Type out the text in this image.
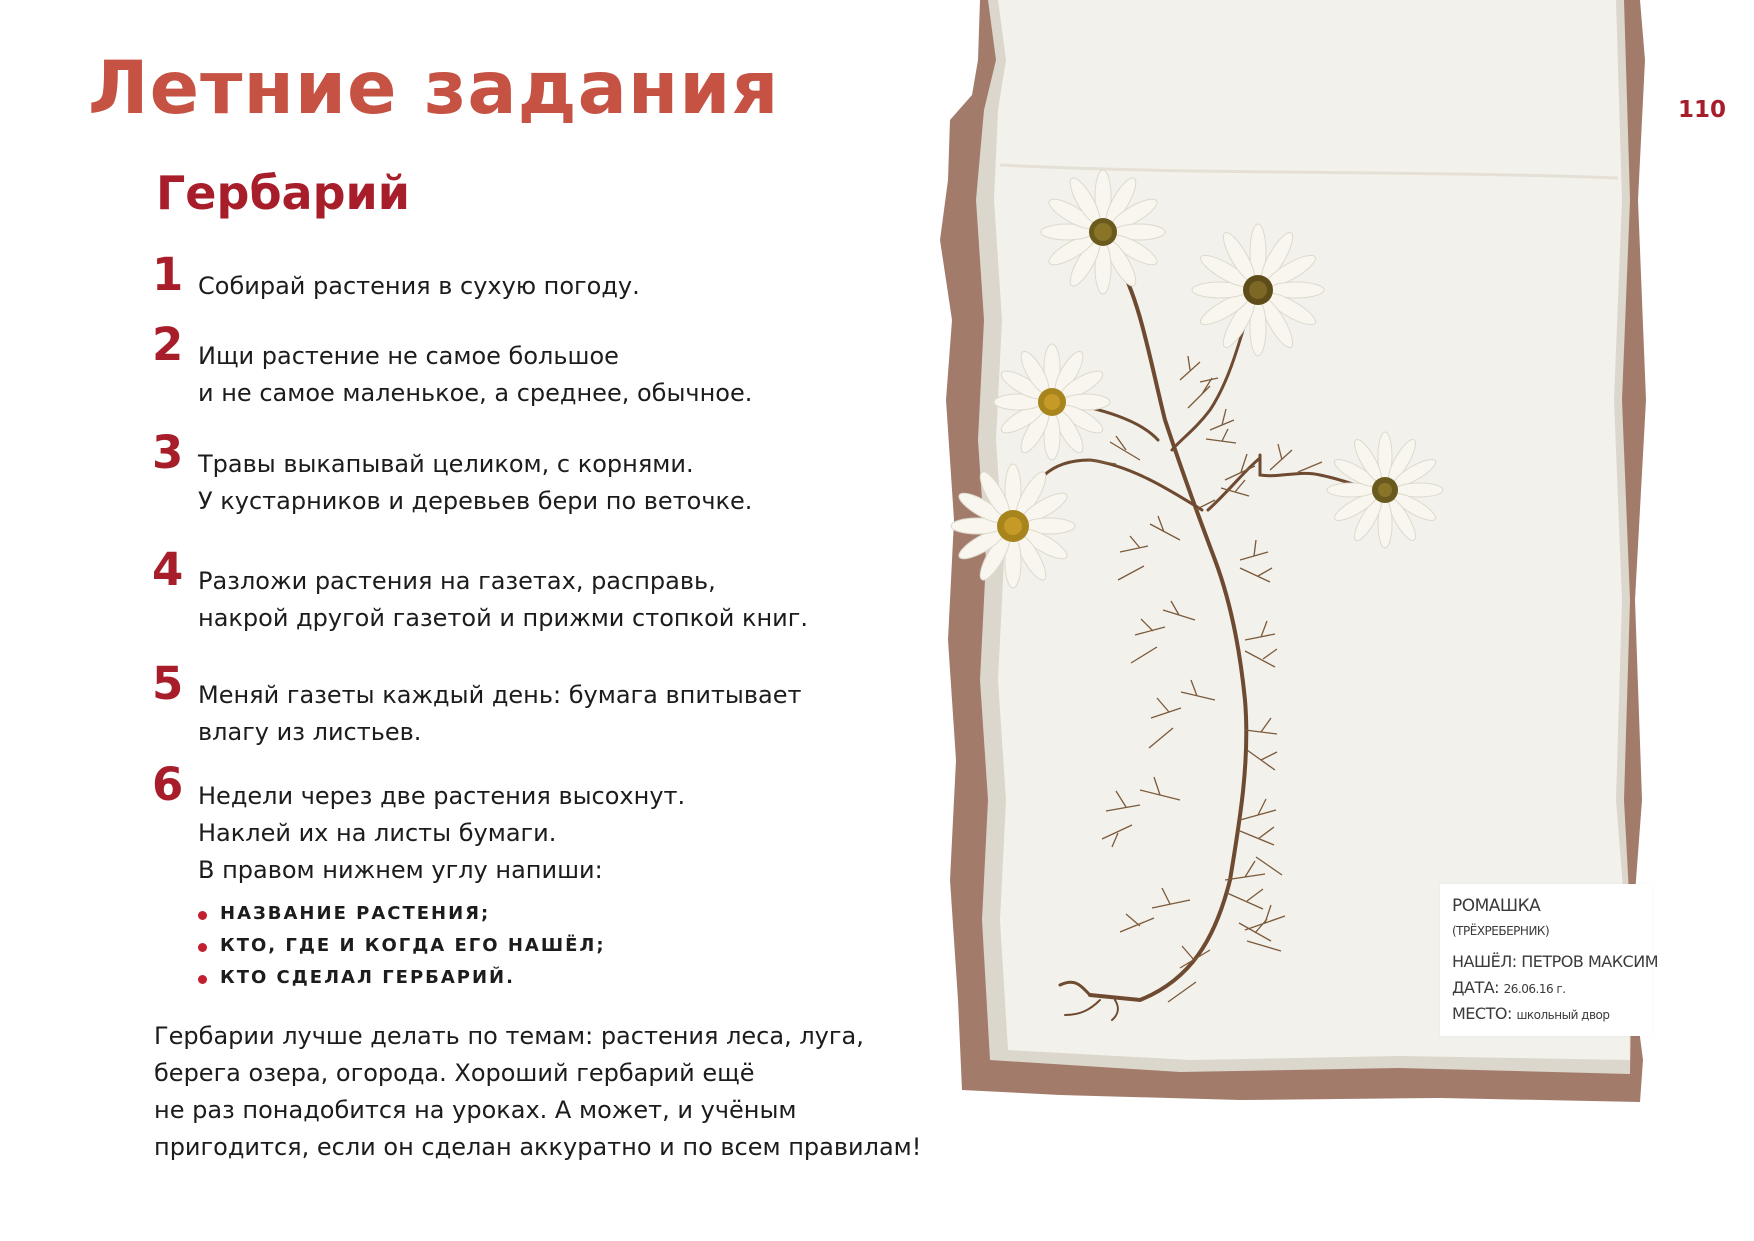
Летние задания
Гербарий
110
1 Собирай растения в сухую погоду.
2 Ищи растение не самое большое
и не самое маленькое, а среднее, обычное.
3 Травы выкапывай целиком, с корнями.
У кустарников и деревьев бери по веточке.
4 Разложи растения на газетах, расправь,
накрой другой газетой и прижми стопкой книг.
5 Меняй газеты каждый день: бумага впитывает
влагу из листьев.
6 Недели через две растения высохнут.
Наклей их на листы бумаги.
В правом нижнем углу напиши:
НАЗВАНИЕ РАСТЕНИЯ;
КТО, ГДЕ И КОГДА ЕГО НАШЁЛ;
КТО СДЕЛАЛ ГЕРБАРИЙ.
Гербарии лучше делать по темам: растения леса, луга,
берега озера, огорода. Хороший гербарий ещё
не раз понадобится на уроках. А может, и учёным
пригодится, если он сделан аккуратно и по всем правилам!
РОМАШКА
(ТРЁХРЕБЕРНИК)
НАШЁЛ: ПЕТРОВ МАКСИМ
ДАТА: 26.06.16 г.
МЕСТО: школьный двор
